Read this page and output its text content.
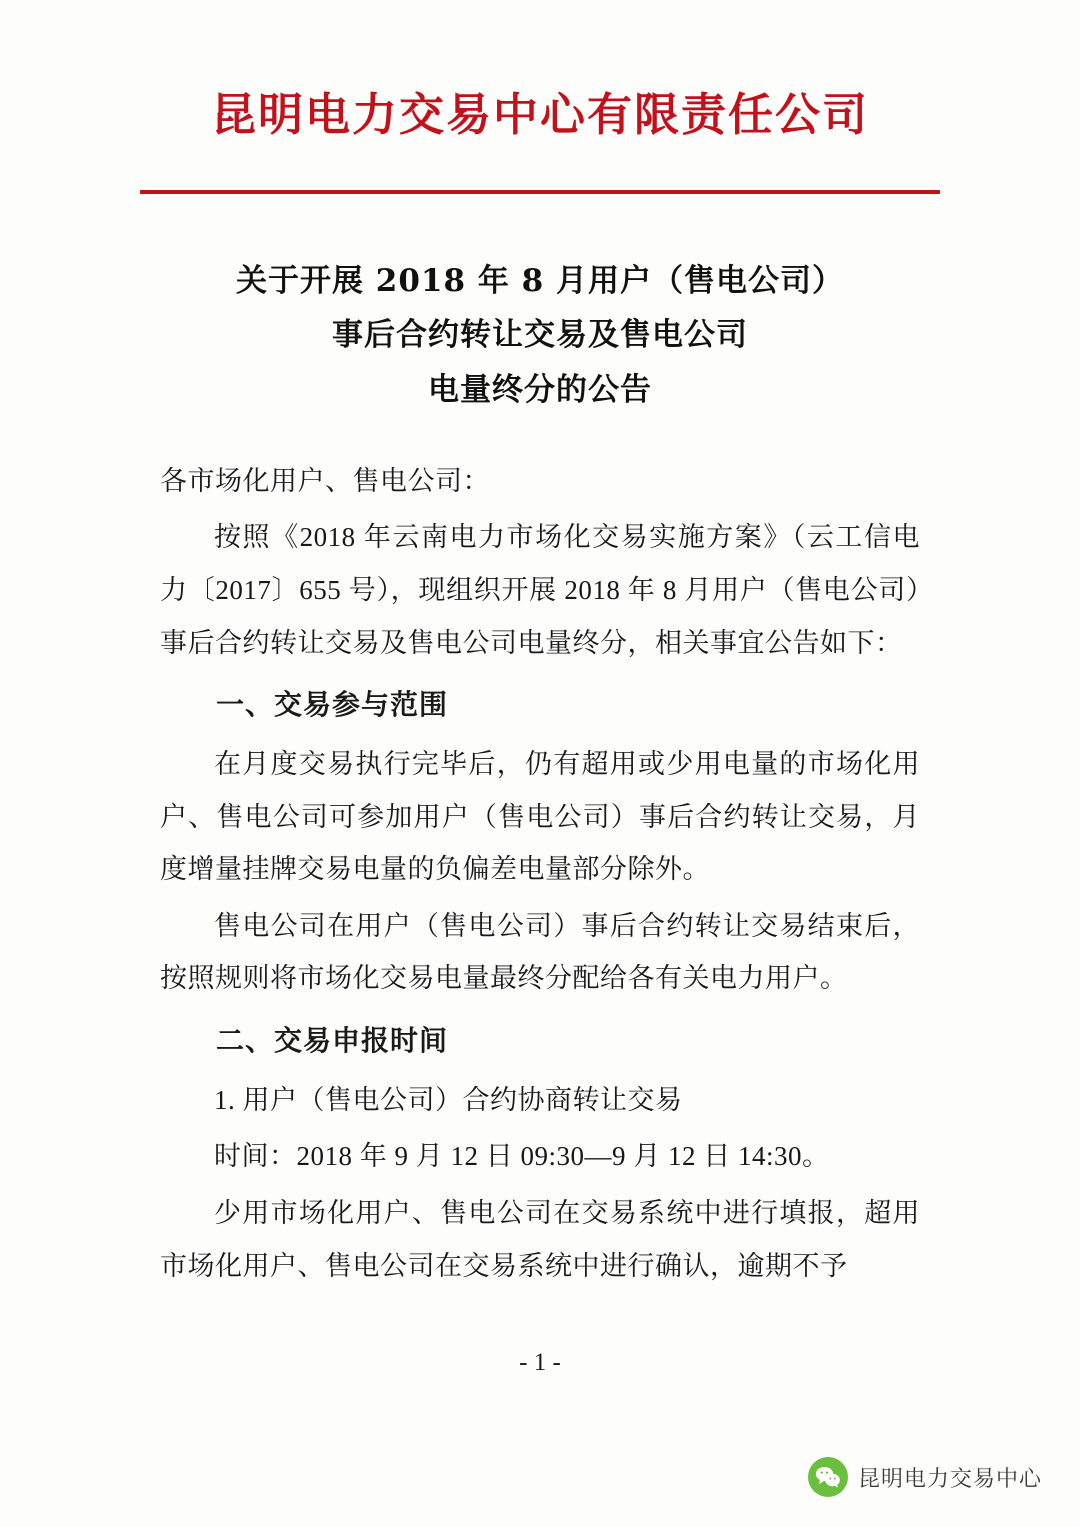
昆明电力交易中心有限责任公司
关于开展 2018 年 8 月用户（售电公司）
事后合约转让交易及售电公司
电量终分的公告

各市场化用户、售电公司：

按照《2018 年云南电力市场化交易实施方案》（云工信电力〔2017〕655 号），现组织开展 2018 年 8 月用户（售电公司）事后合约转让交易及售电公司电量终分，相关事宜公告如下：

一、交易参与范围

在月度交易执行完毕后，仍有超用或少用电量的市场化用户、售电公司可参加用户（售电公司）事后合约转让交易，月度增量挂牌交易电量的负偏差电量部分除外。

售电公司在用户（售电公司）事后合约转让交易结束后，按照规则将市场化交易电量最终分配给各有关电力用户。

二、交易申报时间

1. 用户（售电公司）合约协商转让交易

时间：2018 年 9 月 12 日 09:30—9 月 12 日 14:30。

少用市场化用户、售电公司在交易系统中进行填报，超用市场化用户、售电公司在交易系统中进行确认，逾期不予

- 1 -
昆明电力交易中心
